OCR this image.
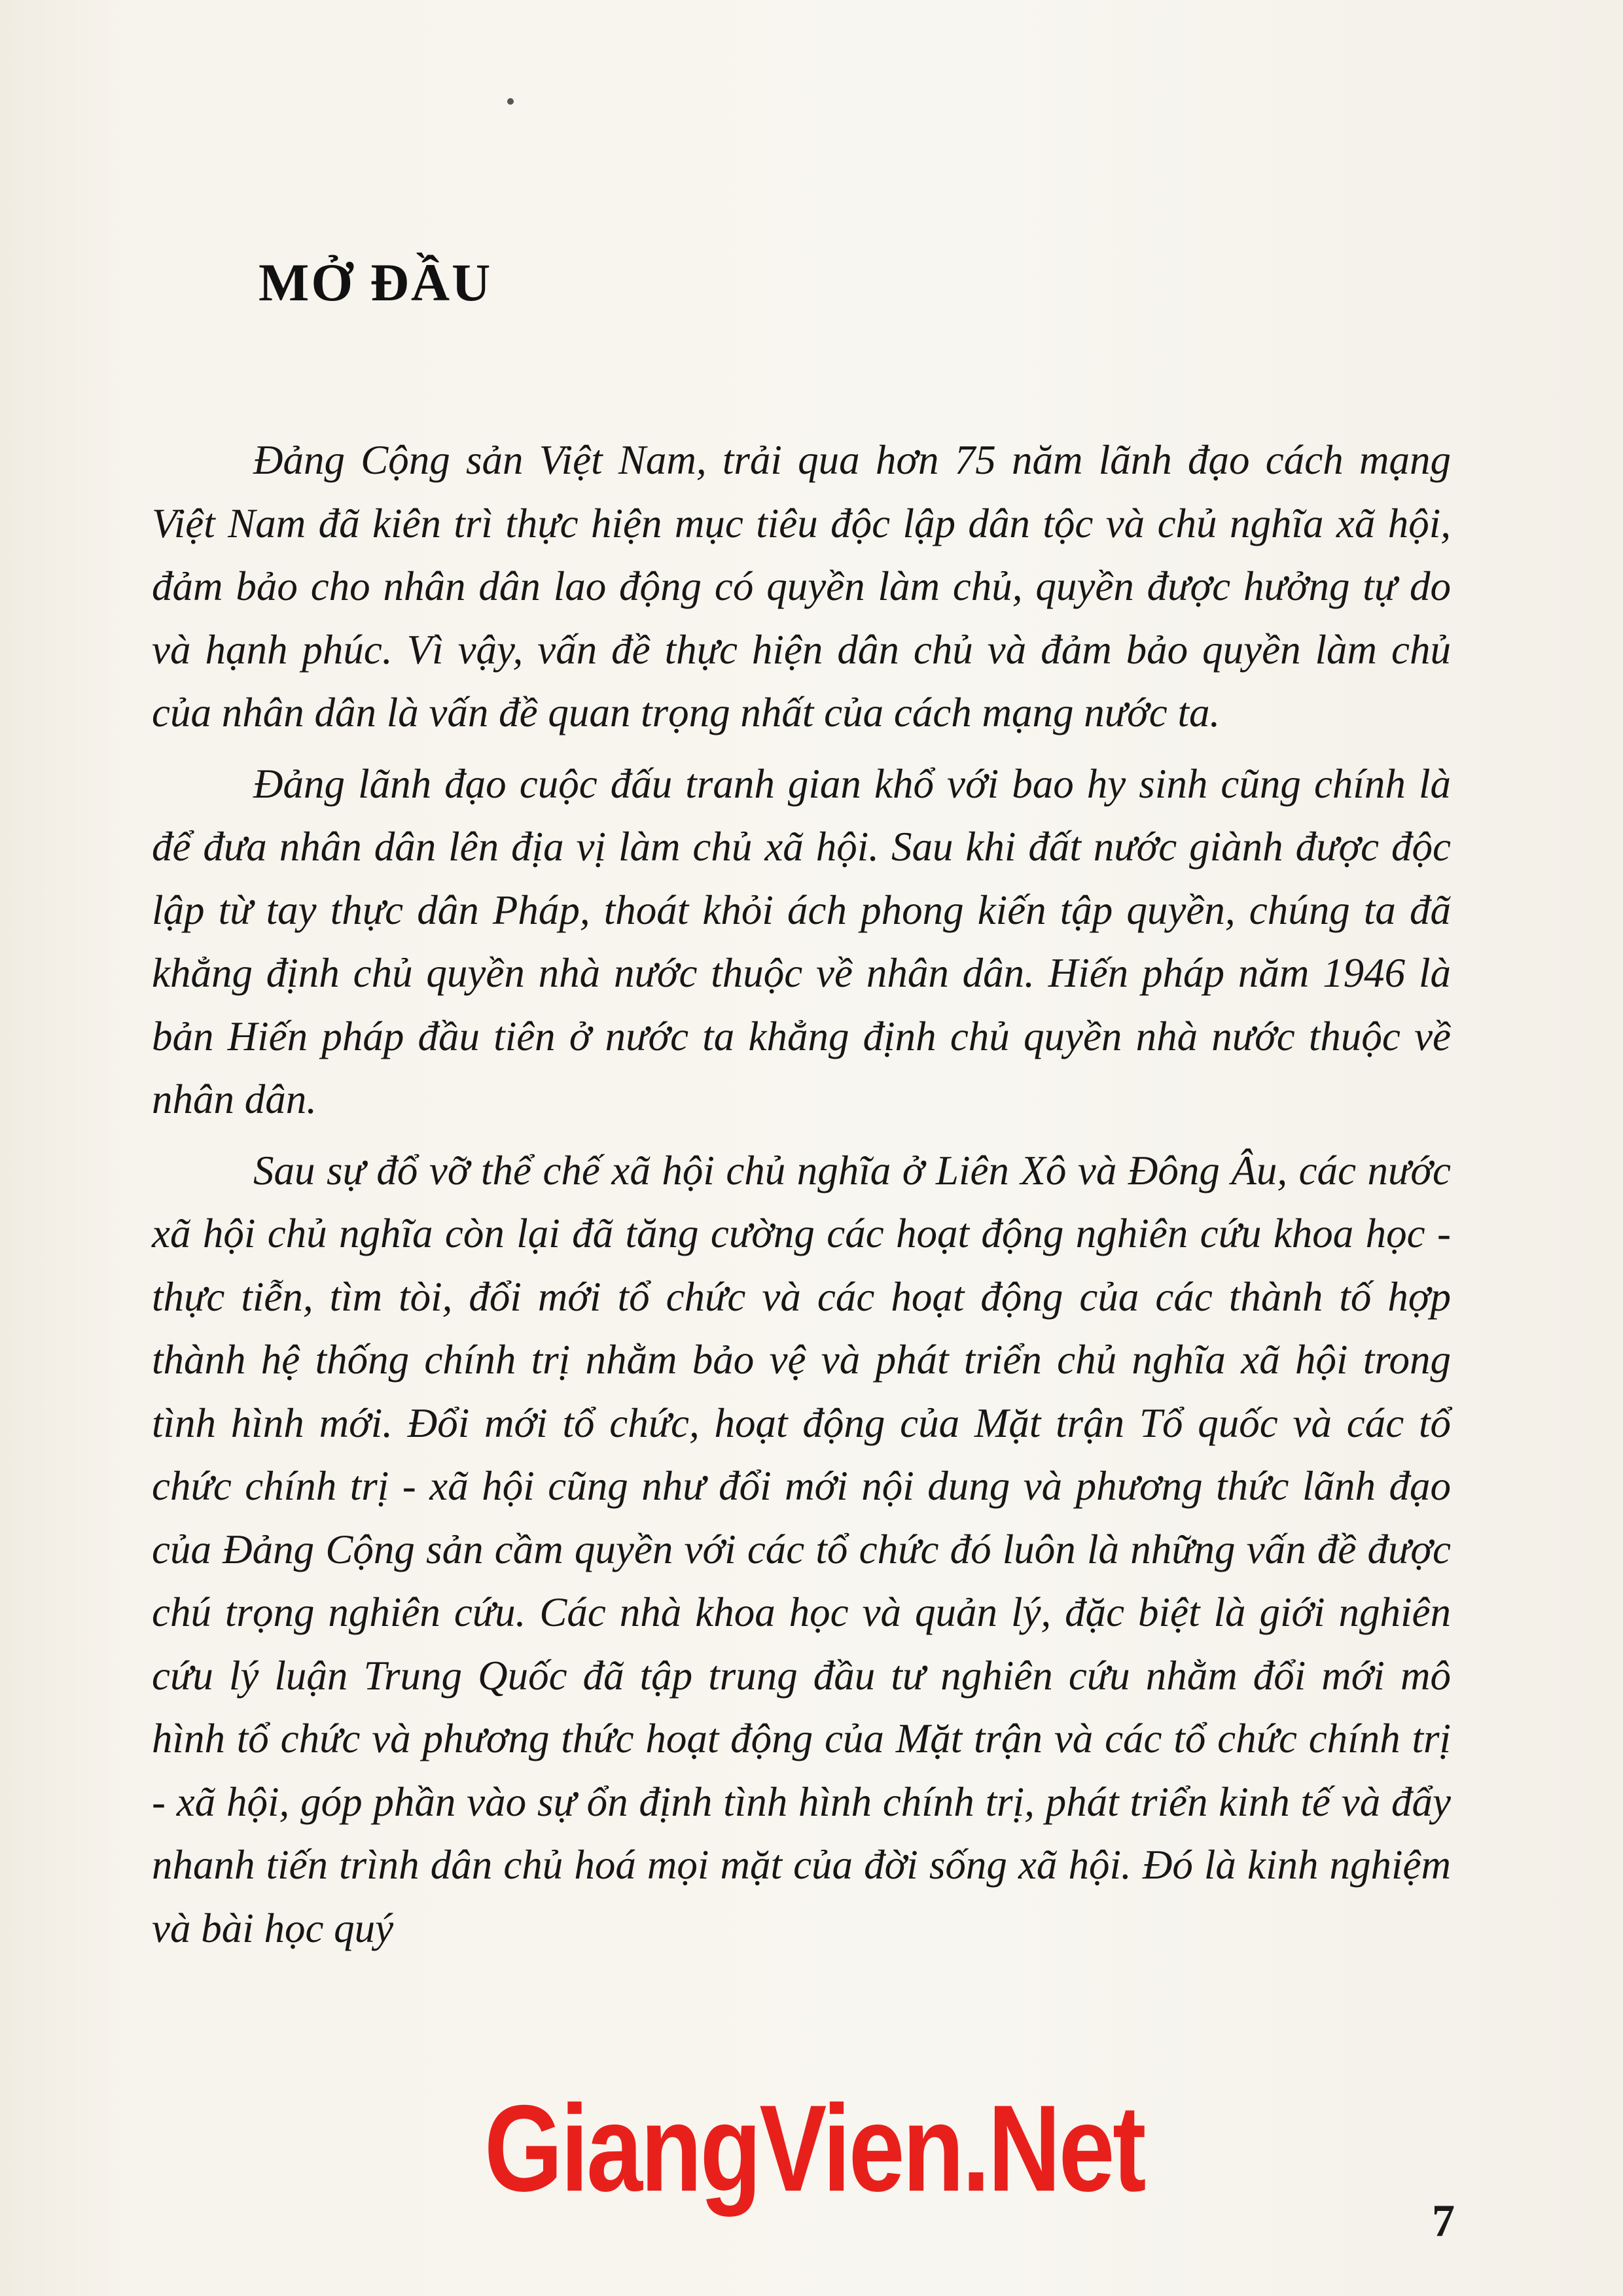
MỞ ĐẦU

Đảng Cộng sản Việt Nam, trải qua hơn 75 năm lãnh đạo cách mạng Việt Nam đã kiên trì thực hiện mục tiêu độc lập dân tộc và chủ nghĩa xã hội, đảm bảo cho nhân dân lao động có quyền làm chủ, quyền được hưởng tự do và hạnh phúc. Vì vậy, vấn đề thực hiện dân chủ và đảm bảo quyền làm chủ của nhân dân là vấn đề quan trọng nhất của cách mạng nước ta.

Đảng lãnh đạo cuộc đấu tranh gian khổ với bao hy sinh cũng chính là để đưa nhân dân lên địa vị làm chủ xã hội. Sau khi đất nước giành được độc lập từ tay thực dân Pháp, thoát khỏi ách phong kiến tập quyền, chúng ta đã khẳng định chủ quyền nhà nước thuộc về nhân dân. Hiến pháp năm 1946 là bản Hiến pháp đầu tiên ở nước ta khẳng định chủ quyền nhà nước thuộc về nhân dân.

Sau sự đổ vỡ thể chế xã hội chủ nghĩa ở Liên Xô và Đông Âu, các nước xã hội chủ nghĩa còn lại đã tăng cường các hoạt động nghiên cứu khoa học - thực tiễn, tìm tòi, đổi mới tổ chức và các hoạt động của các thành tố hợp thành hệ thống chính trị nhằm bảo vệ và phát triển chủ nghĩa xã hội trong tình hình mới. Đổi mới tổ chức, hoạt động của Mặt trận Tổ quốc và các tổ chức chính trị - xã hội cũng như đổi mới nội dung và phương thức lãnh đạo của Đảng Cộng sản cầm quyền với các tổ chức đó luôn là những vấn đề được chú trọng nghiên cứu. Các nhà khoa học và quản lý, đặc biệt là giới nghiên cứu lý luận Trung Quốc đã tập trung đầu tư nghiên cứu nhằm đổi mới mô hình tổ chức và phương thức hoạt động của Mặt trận và các tổ chức chính trị - xã hội, góp phần vào sự ổn định tình hình chính trị, phát triển kinh tế và đẩy nhanh tiến trình dân chủ hoá mọi mặt của đời sống xã hội. Đó là kinh nghiệm và bài học quý

GiangVien.Net
7
